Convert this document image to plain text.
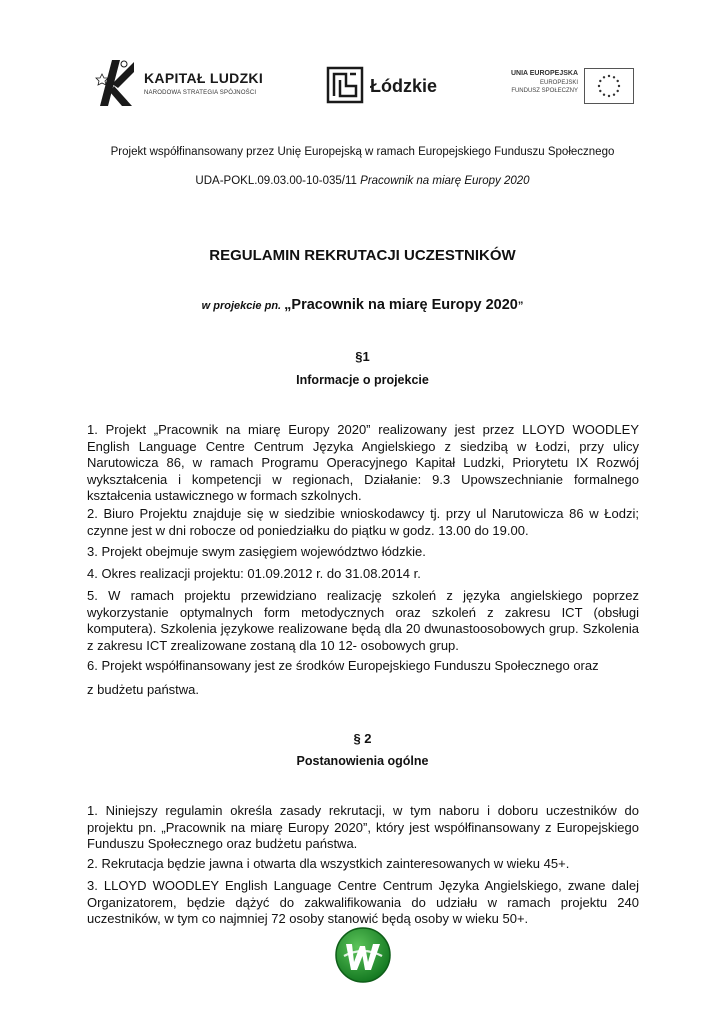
KAPITAŁ LUDZKI
NARODOWA STRATEGIA SPÓJNOŚCI	Łódzkie
UNIA EUROPEJSKA
EUROPEJSKI
FUNDUSZ SPOŁECZNY
Projekt współfinansowany przez Unię Europejską w ramach Europejskiego Funduszu Społecznego
UDA-POKL.09.03.00-10-035/11 Pracownik na miarę Europy 2020
REGULAMIN REKRUTACJI UCZESTNIKÓW
w projekcie pn. „Pracownik na miarę Europy 2020”
§1
Informacje o projekcie
1. Projekt „Pracownik na miarę Europy 2020” realizowany jest przez LLOYD WOODLEY English Language Centre Centrum Języka Angielskiego z siedzibą w Łodzi, przy ulicy Narutowicza 86, w ramach Programu Operacyjnego Kapitał Ludzki, Priorytetu IX Rozwój wykształcenia i kompetencji w regionach, Działanie: 9.3 Upowszechnianie formalnego kształcenia ustawicznego w formach szkolnych.
2. Biuro Projektu znajduje się w siedzibie wnioskodawcy tj. przy ul Narutowicza 86 w Łodzi; czynne jest w dni robocze od poniedziałku do piątku w godz. 13.00 do 19.00.
3. Projekt obejmuje swym zasięgiem województwo łódzkie.
4. Okres realizacji projektu: 01.09.2012 r. do 31.08.2014 r.
5. W ramach projektu przewidziano realizację szkoleń z języka angielskiego poprzez wykorzystanie optymalnych form metodycznych oraz szkoleń z zakresu ICT (obsługi komputera). Szkolenia językowe realizowane będą dla 20 dwunastoosobowych grup. Szkolenia z zakresu ICT zrealizowane zostaną dla 10 12- osobowych grup.
6. Projekt współfinansowany jest ze środków Europejskiego Funduszu Społecznego oraz
z budżetu państwa.
§ 2
Postanowienia ogólne
1. Niniejszy regulamin określa zasady rekrutacji, w tym naboru i doboru uczestników do projektu pn. „Pracownik na miarę Europy 2020”, który jest współfinansowany z Europejskiego Funduszu Społecznego oraz budżetu państwa.
2. Rekrutacja będzie jawna i otwarta dla wszystkich zainteresowanych w wieku 45+.
3. LLOYD WOODLEY English Language Centre Centrum Języka Angielskiego, zwane dalej Organizatorem, będzie dążyć do zakwalifikowania do udziału w ramach projektu 240 uczestników, w tym co najmniej 72 osoby stanowić będą osoby w wieku 50+.
